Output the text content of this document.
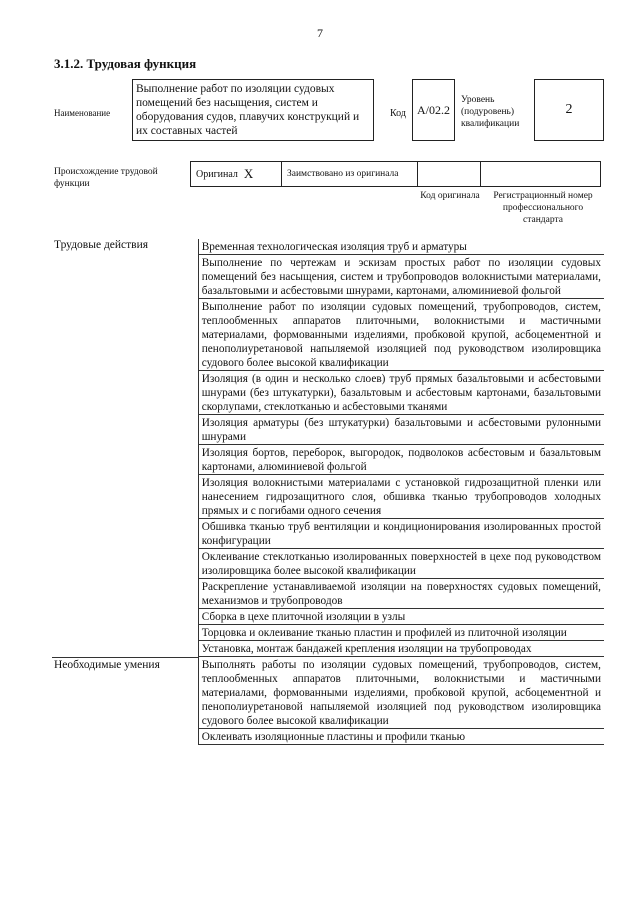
7
3.1.2. Трудовая функция
Наименование
Выполнение работ по изоляции судовых помещений без насыщения, систем и оборудования судов, плавучих конструкций и их составных частей
Код А/02.2
Уровень (подуровень) квалификации
2
Происхождение трудовой функции
Оригинал X	Заимствовано из оригинала
Код оригинала	Регистрационный номер профессионального стандарта
Трудовые действия	Временная технологическая изоляция труб и арматуры
Выполнение по чертежам и эскизам простых работ по изоляции судовых помещений без насыщения, систем и трубопроводов волокнистыми материалами, базальтовыми и асбестовыми шнурами, картонами, алюминиевой фольгой
Выполнение работ по изоляции судовых помещений, трубопроводов, систем, теплообменных аппаратов плиточными, волокнистыми и мастичными материалами, формованными изделиями, пробковой крупой, асбоцементной и пенополиуретановой напыляемой изоляцией под руководством изолировщика судового более высокой квалификации
Изоляция (в один и несколько слоев) труб прямых базальтовыми и асбестовыми шнурами (без штукатурки), базальтовым и асбестовым картонами, базальтовыми скорлупами, стеклотканью и асбестовыми тканями
Изоляция арматуры (без штукатурки) базальтовыми и асбестовыми рулонными шнурами
Изоляция бортов, переборок, выгородок, подволоков асбестовым и базальтовым картонами, алюминиевой фольгой
Изоляция волокнистыми материалами с установкой гидрозащитной пленки или нанесением гидрозащитного слоя, обшивка тканью трубопроводов холодных прямых и с погибами одного сечения
Обшивка тканью труб вентиляции и кондиционирования изолированных простой конфигурации
Оклеивание стеклотканью изолированных поверхностей в цехе под руководством изолировщика более высокой квалификации
Раскрепление устанавливаемой изоляции на поверхностях судовых помещений, механизмов и трубопроводов
Сборка в цехе плиточной изоляции в узлы
Торцовка и оклеивание тканью пластин и профилей из плиточной изоляции
Установка, монтаж бандажей крепления изоляции на трубопроводах
Необходимые умения	Выполнять работы по изоляции судовых помещений, трубопроводов, систем, теплообменных аппаратов плиточными, волокнистыми и мастичными материалами, формованными изделиями, пробковой крупой, асбоцементной и пенополиуретановой напыляемой изоляцией под руководством изолировщика судового более высокой квалификации
Оклеивать изоляционные пластины и профили тканью
